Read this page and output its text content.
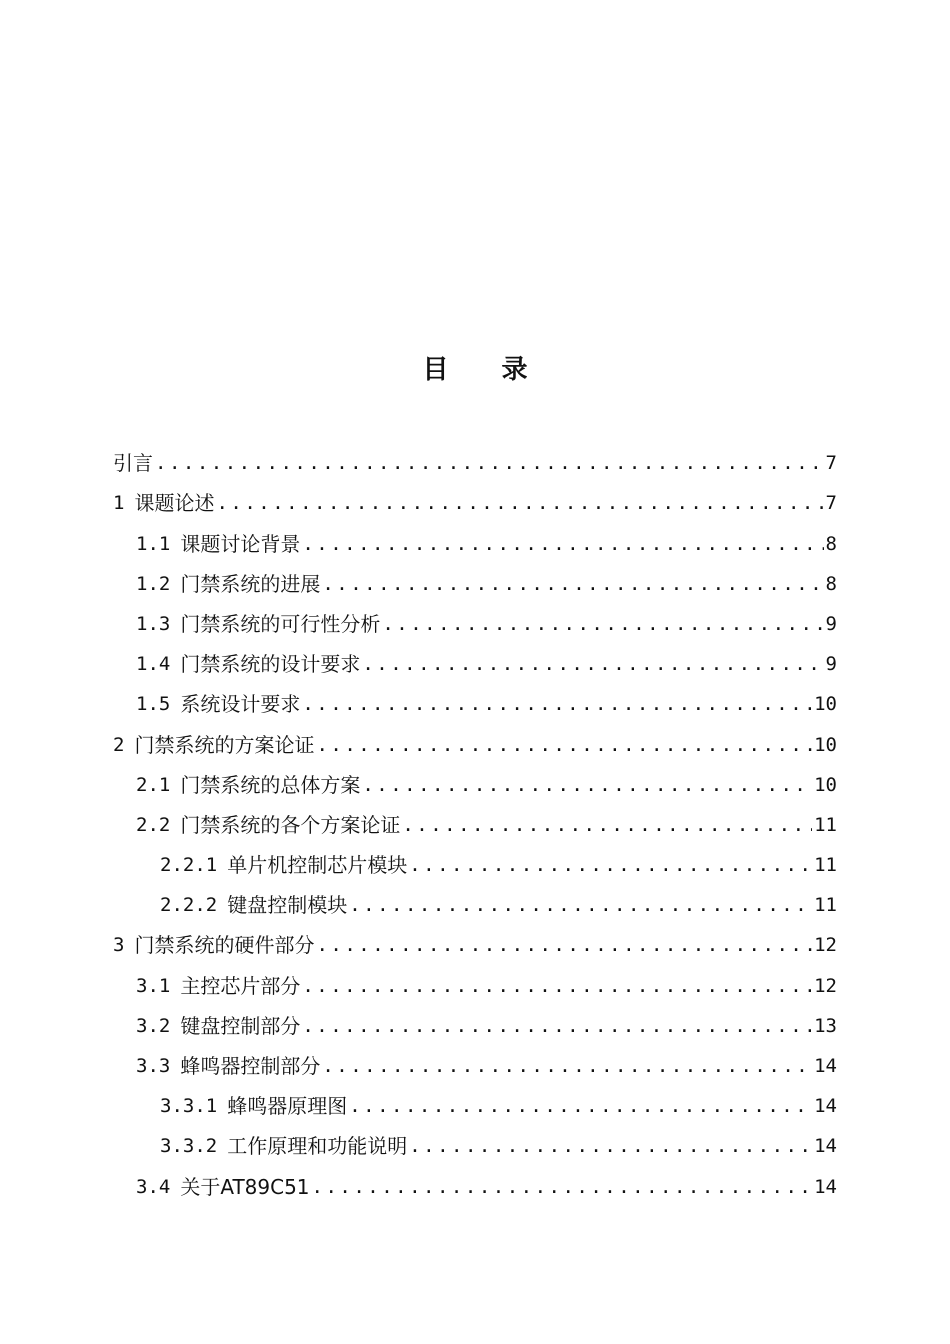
目 录
引言 .....	7
1 课题论述 .....	7
1.1 课题讨论背景 .....	8
1.2 门禁系统的进展 .....	8
1.3 门禁系统的可行性分析 .....	9
1.4 门禁系统的设计要求 .....	9
1.5 系统设计要求 .....	10
2 门禁系统的方案论证 .....	10
2.1 门禁系统的总体方案 .....	10
2.2 门禁系统的各个方案论证 .....	11
2.2.1 单片机控制芯片模块 .....	11
2.2.2 键盘控制模块 .....	11
3 门禁系统的硬件部分 .....	12
3.1 主控芯片部分 .....	12
3.2 键盘控制部分 .....	13
3.3 蜂鸣器控制部分 .....	14
3.3.1 蜂鸣器原理图 .....	14
3.3.2 工作原理和功能说明 .....	14
3.4 关于AT89C51 .....	14
